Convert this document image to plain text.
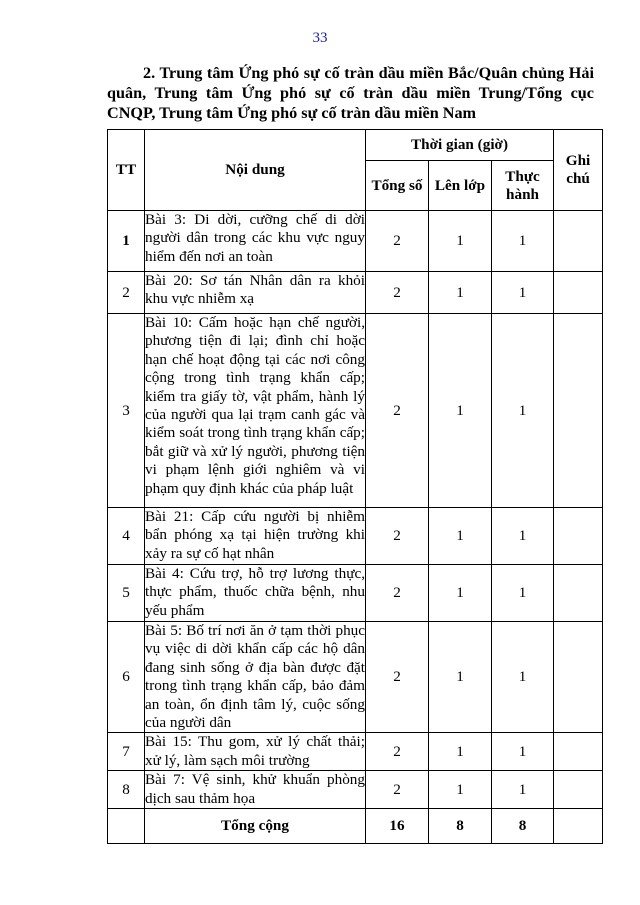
33
2. Trung tâm Ứng phó sự cố tràn dầu miền Bắc/Quân chủng Hải quân, Trung tâm Ứng phó sự cố tràn dầu miền Trung/Tổng cục CNQP, Trung tâm Ứng phó sự cố tràn dầu miền Nam
TT	Nội dung	Thời gian (giờ)			Ghi chú
		Tổng số	Lên lớp	Thực hành	
1	Bài 3: Di dời, cưỡng chế di dời người dân trong các khu vực nguy hiểm đến nơi an toàn	2	1	1	
2	Bài 20: Sơ tán Nhân dân ra khỏi khu vực nhiễm xạ	2	1	1	
3	Bài 10: Cấm hoặc hạn chế người, phương tiện đi lại; đình chỉ hoặc hạn chế hoạt động tại các nơi công cộng trong tình trạng khẩn cấp; kiểm tra giấy tờ, vật phẩm, hành lý của người qua lại trạm canh gác và kiểm soát trong tình trạng khẩn cấp; bắt giữ và xử lý người, phương tiện vi phạm lệnh giới nghiêm và vi phạm quy định khác của pháp luật	2	1	1	
4	Bài 21: Cấp cứu người bị nhiễm bẩn phóng xạ tại hiện trường khi xảy ra sự cố hạt nhân	2	1	1	
5	Bài 4: Cứu trợ, hỗ trợ lương thực, thực phẩm, thuốc chữa bệnh, nhu yếu phẩm	2	1	1	
6	Bài 5: Bố trí nơi ăn ở tạm thời phục vụ việc di dời khẩn cấp các hộ dân đang sinh sống ở địa bàn được đặt trong tình trạng khẩn cấp, bảo đảm an toàn, ổn định tâm lý, cuộc sống của người dân	2	1	1	
7	Bài 15: Thu gom, xử lý chất thải; xử lý, làm sạch môi trường	2	1	1	
8	Bài 7: Vệ sinh, khử khuẩn phòng dịch sau thảm họa	2	1	1	
	Tổng cộng	16	8	8	
